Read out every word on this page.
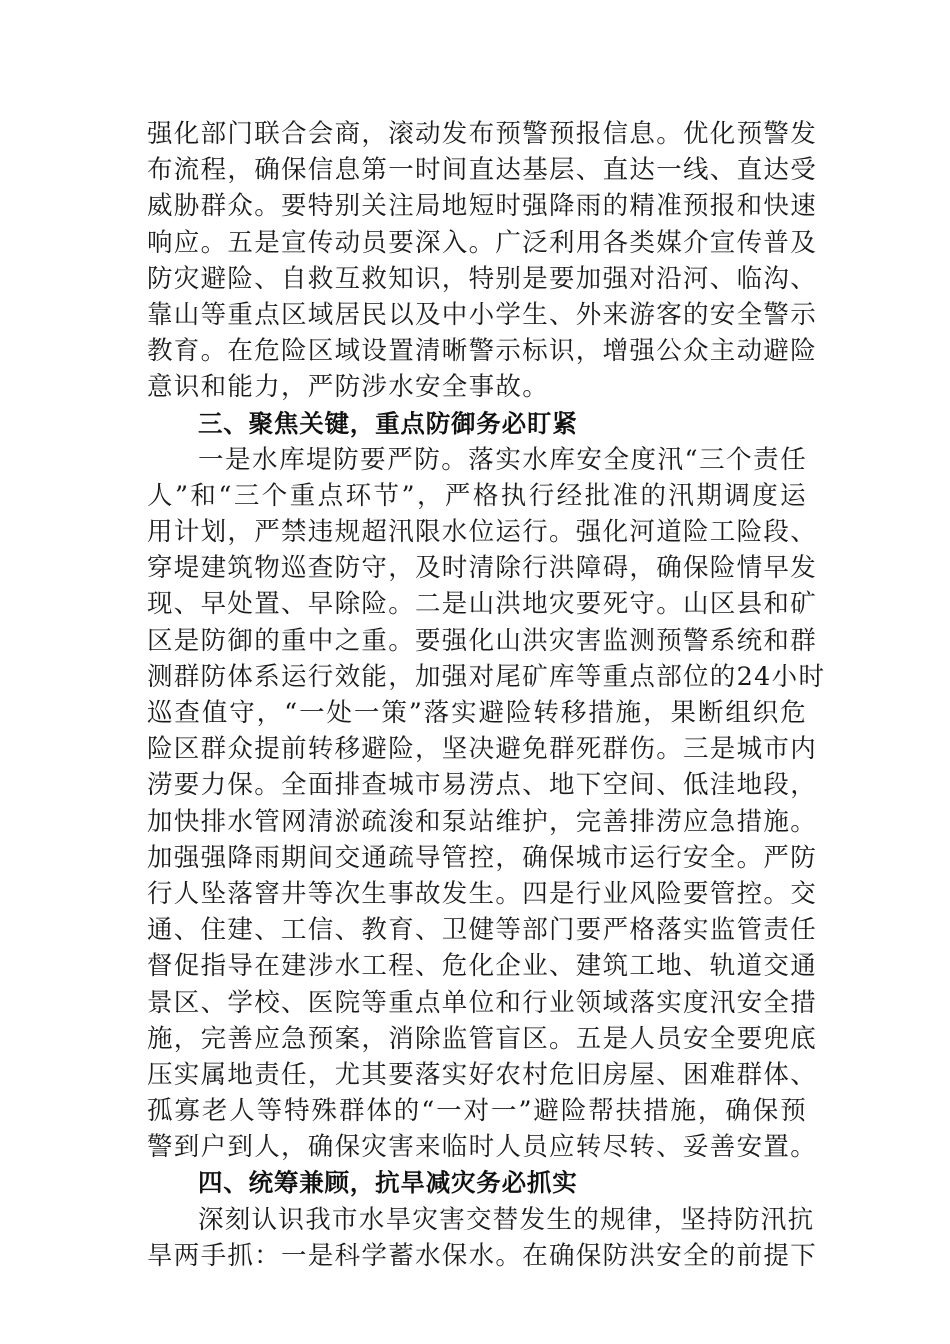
强化部门联合会商，滚动发布预警预报信息。优化预警发
布流程，确保信息第一时间直达基层、直达一线、直达受
威胁群众。要特别关注局地短时强降雨的精准预报和快速
响应。五是宣传动员要深入。广泛利用各类媒介宣传普及
防灾避险、自救互救知识，特别是要加强对沿河、临沟、
靠山等重点区域居民以及中小学生、外来游客的安全警示
教育。在危险区域设置清晰警示标识，增强公众主动避险
意识和能力，严防涉水安全事故。
三、聚焦关键，重点防御务必盯紧
一是水库堤防要严防。落实水库安全度汛“三个责任
人”和“三个重点环节”，严格执行经批准的汛期调度运
用计划，严禁违规超汛限水位运行。强化河道险工险段、
穿堤建筑物巡查防守，及时清除行洪障碍，确保险情早发
现、早处置、早除险。二是山洪地灾要死守。山区县和矿
区是防御的重中之重。要强化山洪灾害监测预警系统和群
测群防体系运行效能，加强对尾矿库等重点部位的24小时
巡查值守，“一处一策”落实避险转移措施，果断组织危
险区群众提前转移避险，坚决避免群死群伤。三是城市内
涝要力保。全面排查城市易涝点、地下空间、低洼地段，
加快排水管网清淤疏浚和泵站维护，完善排涝应急措施。
加强强降雨期间交通疏导管控，确保城市运行安全。严防
行人坠落窨井等次生事故发生。四是行业风险要管控。交
通、住建、工信、教育、卫健等部门要严格落实监管责任
督促指导在建涉水工程、危化企业、建筑工地、轨道交通
景区、学校、医院等重点单位和行业领域落实度汛安全措
施，完善应急预案，消除监管盲区。五是人员安全要兜底
压实属地责任，尤其要落实好农村危旧房屋、困难群体、
孤寡老人等特殊群体的“一对一”避险帮扶措施，确保预
警到户到人，确保灾害来临时人员应转尽转、妥善安置。
四、统筹兼顾，抗旱减灾务必抓实
深刻认识我市水旱灾害交替发生的规律，坚持防汛抗
旱两手抓：一是科学蓄水保水。在确保防洪安全的前提下
